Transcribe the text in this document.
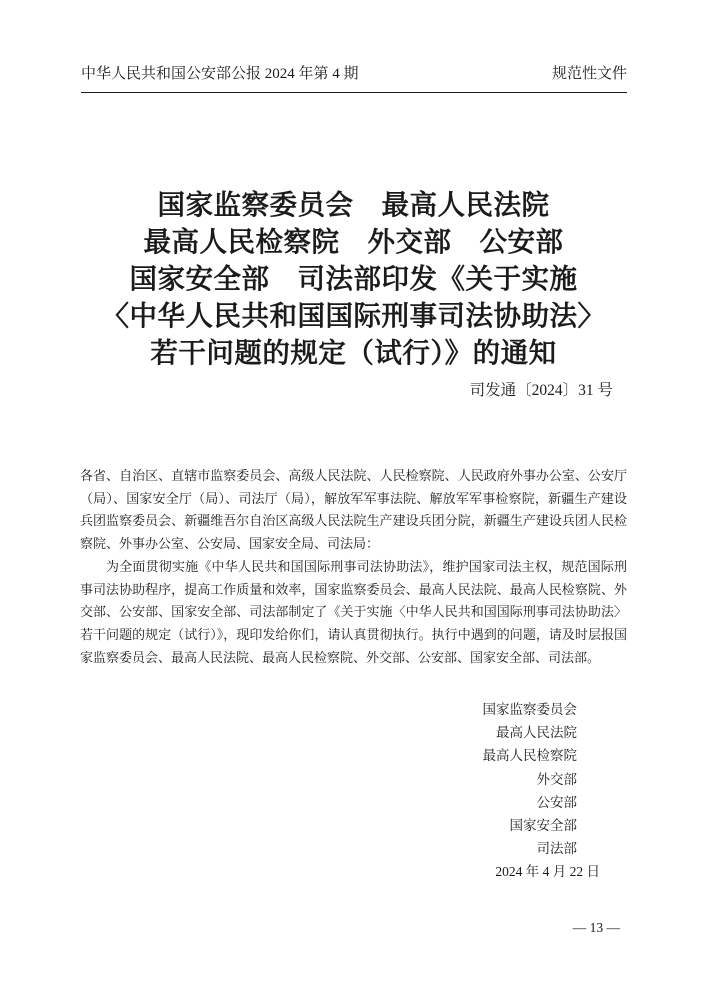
中华人民共和国公安部公报 2024 年第 4 期	规范性文件
国家监察委员会　最高人民法院
最高人民检察院　外交部　公安部
国家安全部　司法部印发《关于实施
〈中华人民共和国国际刑事司法协助法〉
若干问题的规定（试行）》的通知
司发通〔2024〕31 号

各省、自治区、直辖市监察委员会、高级人民法院、人民检察院、人民政府外事办公室、公安厅（局）、国家安全厅（局）、司法厅（局），解放军军事法院、解放军军事检察院，新疆生产建设兵团监察委员会、新疆维吾尔自治区高级人民法院生产建设兵团分院，新疆生产建设兵团人民检察院、外事办公室、公安局、国家安全局、司法局：

为全面贯彻实施《中华人民共和国国际刑事司法协助法》，维护国家司法主权，规范国际刑事司法协助程序，提高工作质量和效率，国家监察委员会、最高人民法院、最高人民检察院、外交部、公安部、国家安全部、司法部制定了《关于实施〈中华人民共和国国际刑事司法协助法〉若干问题的规定（试行）》，现印发给你们，请认真贯彻执行。执行中遇到的问题，请及时层报国家监察委员会、最高人民法院、最高人民检察院、外交部、公安部、国家安全部、司法部。

国家监察委员会
最高人民法院
最高人民检察院
外交部
公安部
国家安全部
司法部
2024 年 4 月 22 日
— 13 —
